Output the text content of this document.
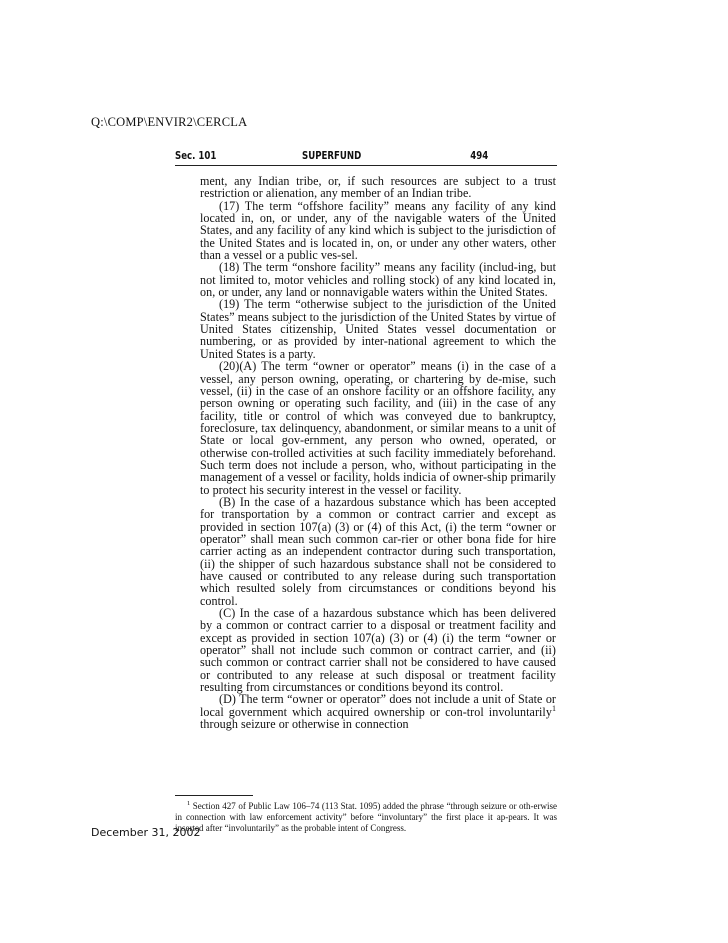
Q:\COMP\ENVIR2\CERCLA
Sec. 101	SUPERFUND	494

ment, any Indian tribe, or, if such resources are subject to a trust restriction or alienation, any member of an Indian tribe.

(17) The term “offshore facility” means any facility of any kind located in, on, or under, any of the navigable waters of the United States, and any facility of any kind which is subject to the jurisdiction of the United States and is located in, on, or under any other waters, other than a vessel or a public ves-sel.

(18) The term “onshore facility” means any facility (includ-ing, but not limited to, motor vehicles and rolling stock) of any kind located in, on, or under, any land or nonnavigable waters within the United States.

(19) The term “otherwise subject to the jurisdiction of the United States” means subject to the jurisdiction of the United States by virtue of United States citizenship, United States vessel documentation or numbering, or as provided by inter-national agreement to which the United States is a party.

(20)(A) The term “owner or operator” means (i) in the case of a vessel, any person owning, operating, or chartering by de-mise, such vessel, (ii) in the case of an onshore facility or an offshore facility, any person owning or operating such facility, and (iii) in the case of any facility, title or control of which was conveyed due to bankruptcy, foreclosure, tax delinquency, abandonment, or similar means to a unit of State or local gov-ernment, any person who owned, operated, or otherwise con-trolled activities at such facility immediately beforehand. Such term does not include a person, who, without participating in the management of a vessel or facility, holds indicia of owner-ship primarily to protect his security interest in the vessel or facility.

(B) In the case of a hazardous substance which has been accepted for transportation by a common or contract carrier and except as provided in section 107(a) (3) or (4) of this Act, (i) the term “owner or operator” shall mean such common car-rier or other bona fide for hire carrier acting as an independent contractor during such transportation, (ii) the shipper of such hazardous substance shall not be considered to have caused or contributed to any release during such transportation which resulted solely from circumstances or conditions beyond his control.

(C) In the case of a hazardous substance which has been delivered by a common or contract carrier to a disposal or treatment facility and except as provided in section 107(a) (3) or (4) (i) the term “owner or operator” shall not include such common or contract carrier, and (ii) such common or contract carrier shall not be considered to have caused or contributed to any release at such disposal or treatment facility resulting from circumstances or conditions beyond its control.

(D) The term “owner or operator” does not include a unit of State or local government which acquired ownership or con-trol involuntarily$^1$ through seizure or otherwise in connection

$^1$ Section 427 of Public Law 106–74 (113 Stat. 1095) added the phrase “through seizure or oth-erwise in connection with law enforcement activity” before “involuntary” the first place it ap-pears. It was inserted after “involuntarily” as the probable intent of Congress.

December 31, 2002
